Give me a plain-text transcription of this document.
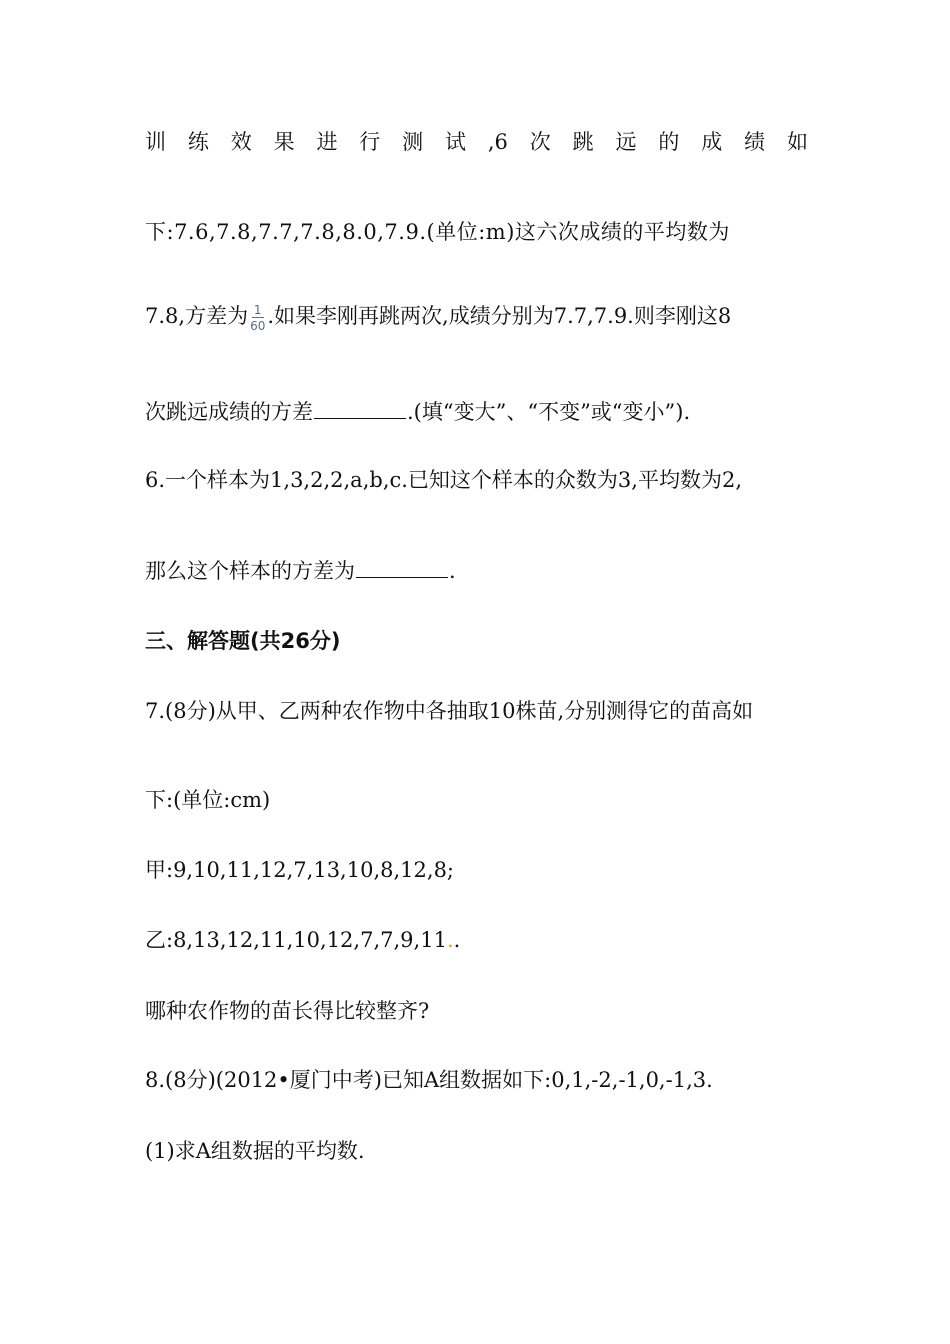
训 练 效 果 进 行 测 试 ,6 次 跳 远 的 成 绩 如
下:7.6,7.8,7.7,7.8,8.0,7.9.(单位:m)这六次成绩的平均数为
7.8,方差为 $\frac{1}{60}$ .如果李刚再跳两次,成绩分别为7.7,7.9.则李刚这8
次跳远成绩的方差	.(填“变大”、“不变”或“变小”).
6.一个样本为1,3,2,2,a,b,c.已知这个样本的众数为3,平均数为2,
那么这个样本的方差为	.
三、解答题(共26分)
7.(8分)从甲、乙两种农作物中各抽取10株苗,分别测得它的苗高如
下:(单位:cm)
甲:9,10,11,12,7,13,10,8,12,8;
乙:8,13,12,11,10,12,7,7,9,11..
哪种农作物的苗长得比较整齐?
8.(8分)(2012•厦门中考)已知A组数据如下:0,1,-2,-1,0,-1,3.
(1)求A组数据的平均数.
